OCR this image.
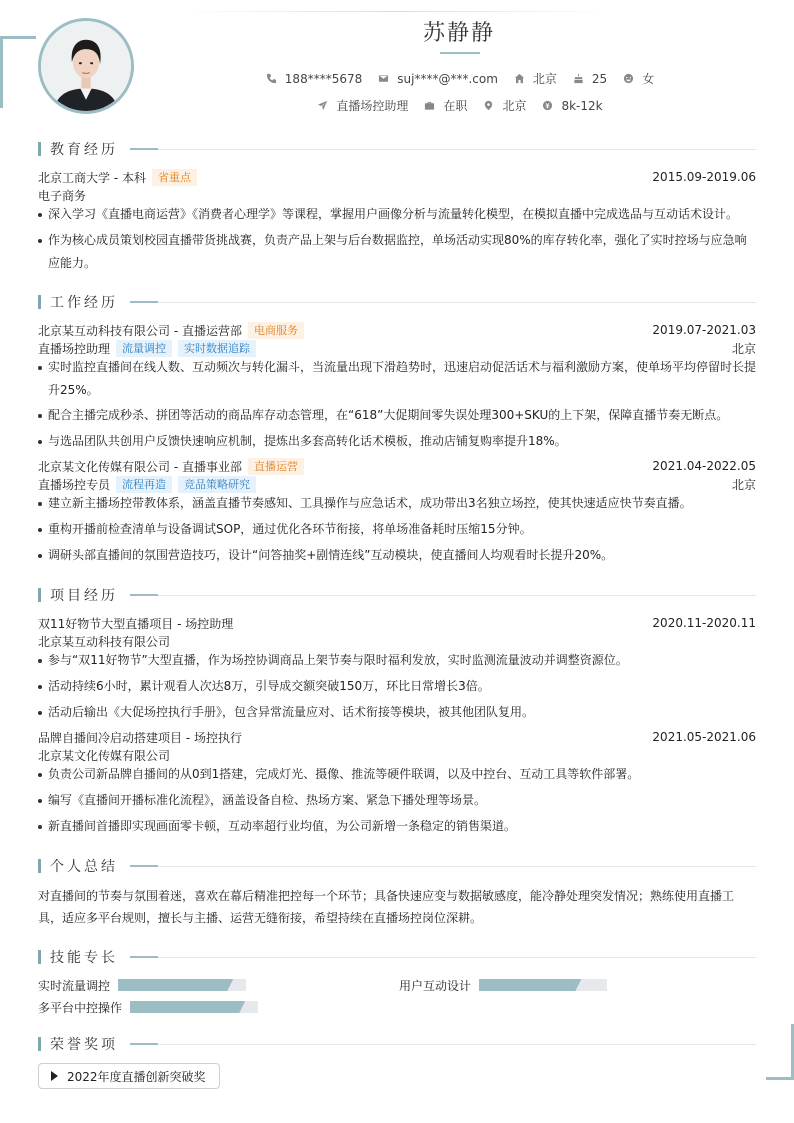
苏静静
188****5678	suj****@***.com	北京	25	女
直播场控助理	在职	北京	8k-12k
教育经历
北京工商大学 - 本科	省重点	2015.09-2019.06
电子商务
深入学习《直播电商运营》《消费者心理学》等课程，掌握用户画像分析与流量转化模型，在模拟直播中完成选品与互动话术设计。
作为核心成员策划校园直播带货挑战赛，负责产品上架与后台数据监控，单场活动实现80%的库存转化率，强化了实时控场与应急响应能力。
工作经历
北京某互动科技有限公司 - 直播运营部	电商服务	2019.07-2021.03
直播场控助理	流量调控	实时数据追踪	北京
实时监控直播间在线人数、互动频次与转化漏斗，当流量出现下滑趋势时，迅速启动促活话术与福利激励方案，使单场平均停留时长提升25%。
配合主播完成秒杀、拼团等活动的商品库存动态管理，在“618”大促期间零失误处理300+SKU的上下架，保障直播节奏无断点。
与选品团队共创用户反馈快速响应机制，提炼出多套高转化话术模板，推动店铺复购率提升18%。
北京某文化传媒有限公司 - 直播事业部	直播运营	2021.04-2022.05
直播场控专员	流程再造	竞品策略研究	北京
建立新主播场控带教体系，涵盖直播节奏感知、工具操作与应急话术，成功带出3名独立场控，使其快速适应快节奏直播。
重构开播前检查清单与设备调试SOP，通过优化各环节衔接，将单场准备耗时压缩15分钟。
调研头部直播间的氛围营造技巧，设计“问答抽奖+剧情连线”互动模块，使直播间人均观看时长提升20%。
项目经历
双11好物节大型直播项目 - 场控助理	2020.11-2020.11
北京某互动科技有限公司
参与“双11好物节”大型直播，作为场控协调商品上架节奏与限时福利发放，实时监测流量波动并调整资源位。
活动持续6小时，累计观看人次达8万，引导成交额突破150万，环比日常增长3倍。
活动后输出《大促场控执行手册》，包含异常流量应对、话术衔接等模块，被其他团队复用。
品牌自播间冷启动搭建项目 - 场控执行	2021.05-2021.06
北京某文化传媒有限公司
负责公司新品牌自播间的从0到1搭建，完成灯光、摄像、推流等硬件联调，以及中控台、互动工具等软件部署。
编写《直播间开播标准化流程》，涵盖设备自检、热场方案、紧急下播处理等场景。
新直播间首播即实现画面零卡顿，互动率超行业均值，为公司新增一条稳定的销售渠道。
个人总结
对直播间的节奏与氛围着迷，喜欢在幕后精准把控每一个环节；具备快速应变与数据敏感度，能冷静处理突发情况；熟练使用直播工具，适应多平台规则，擅长与主播、运营无缝衔接，希望持续在直播场控岗位深耕。
技能专长
实时流量调控	用户互动设计
多平台中控操作
荣誉奖项
2022年度直播创新突破奖
